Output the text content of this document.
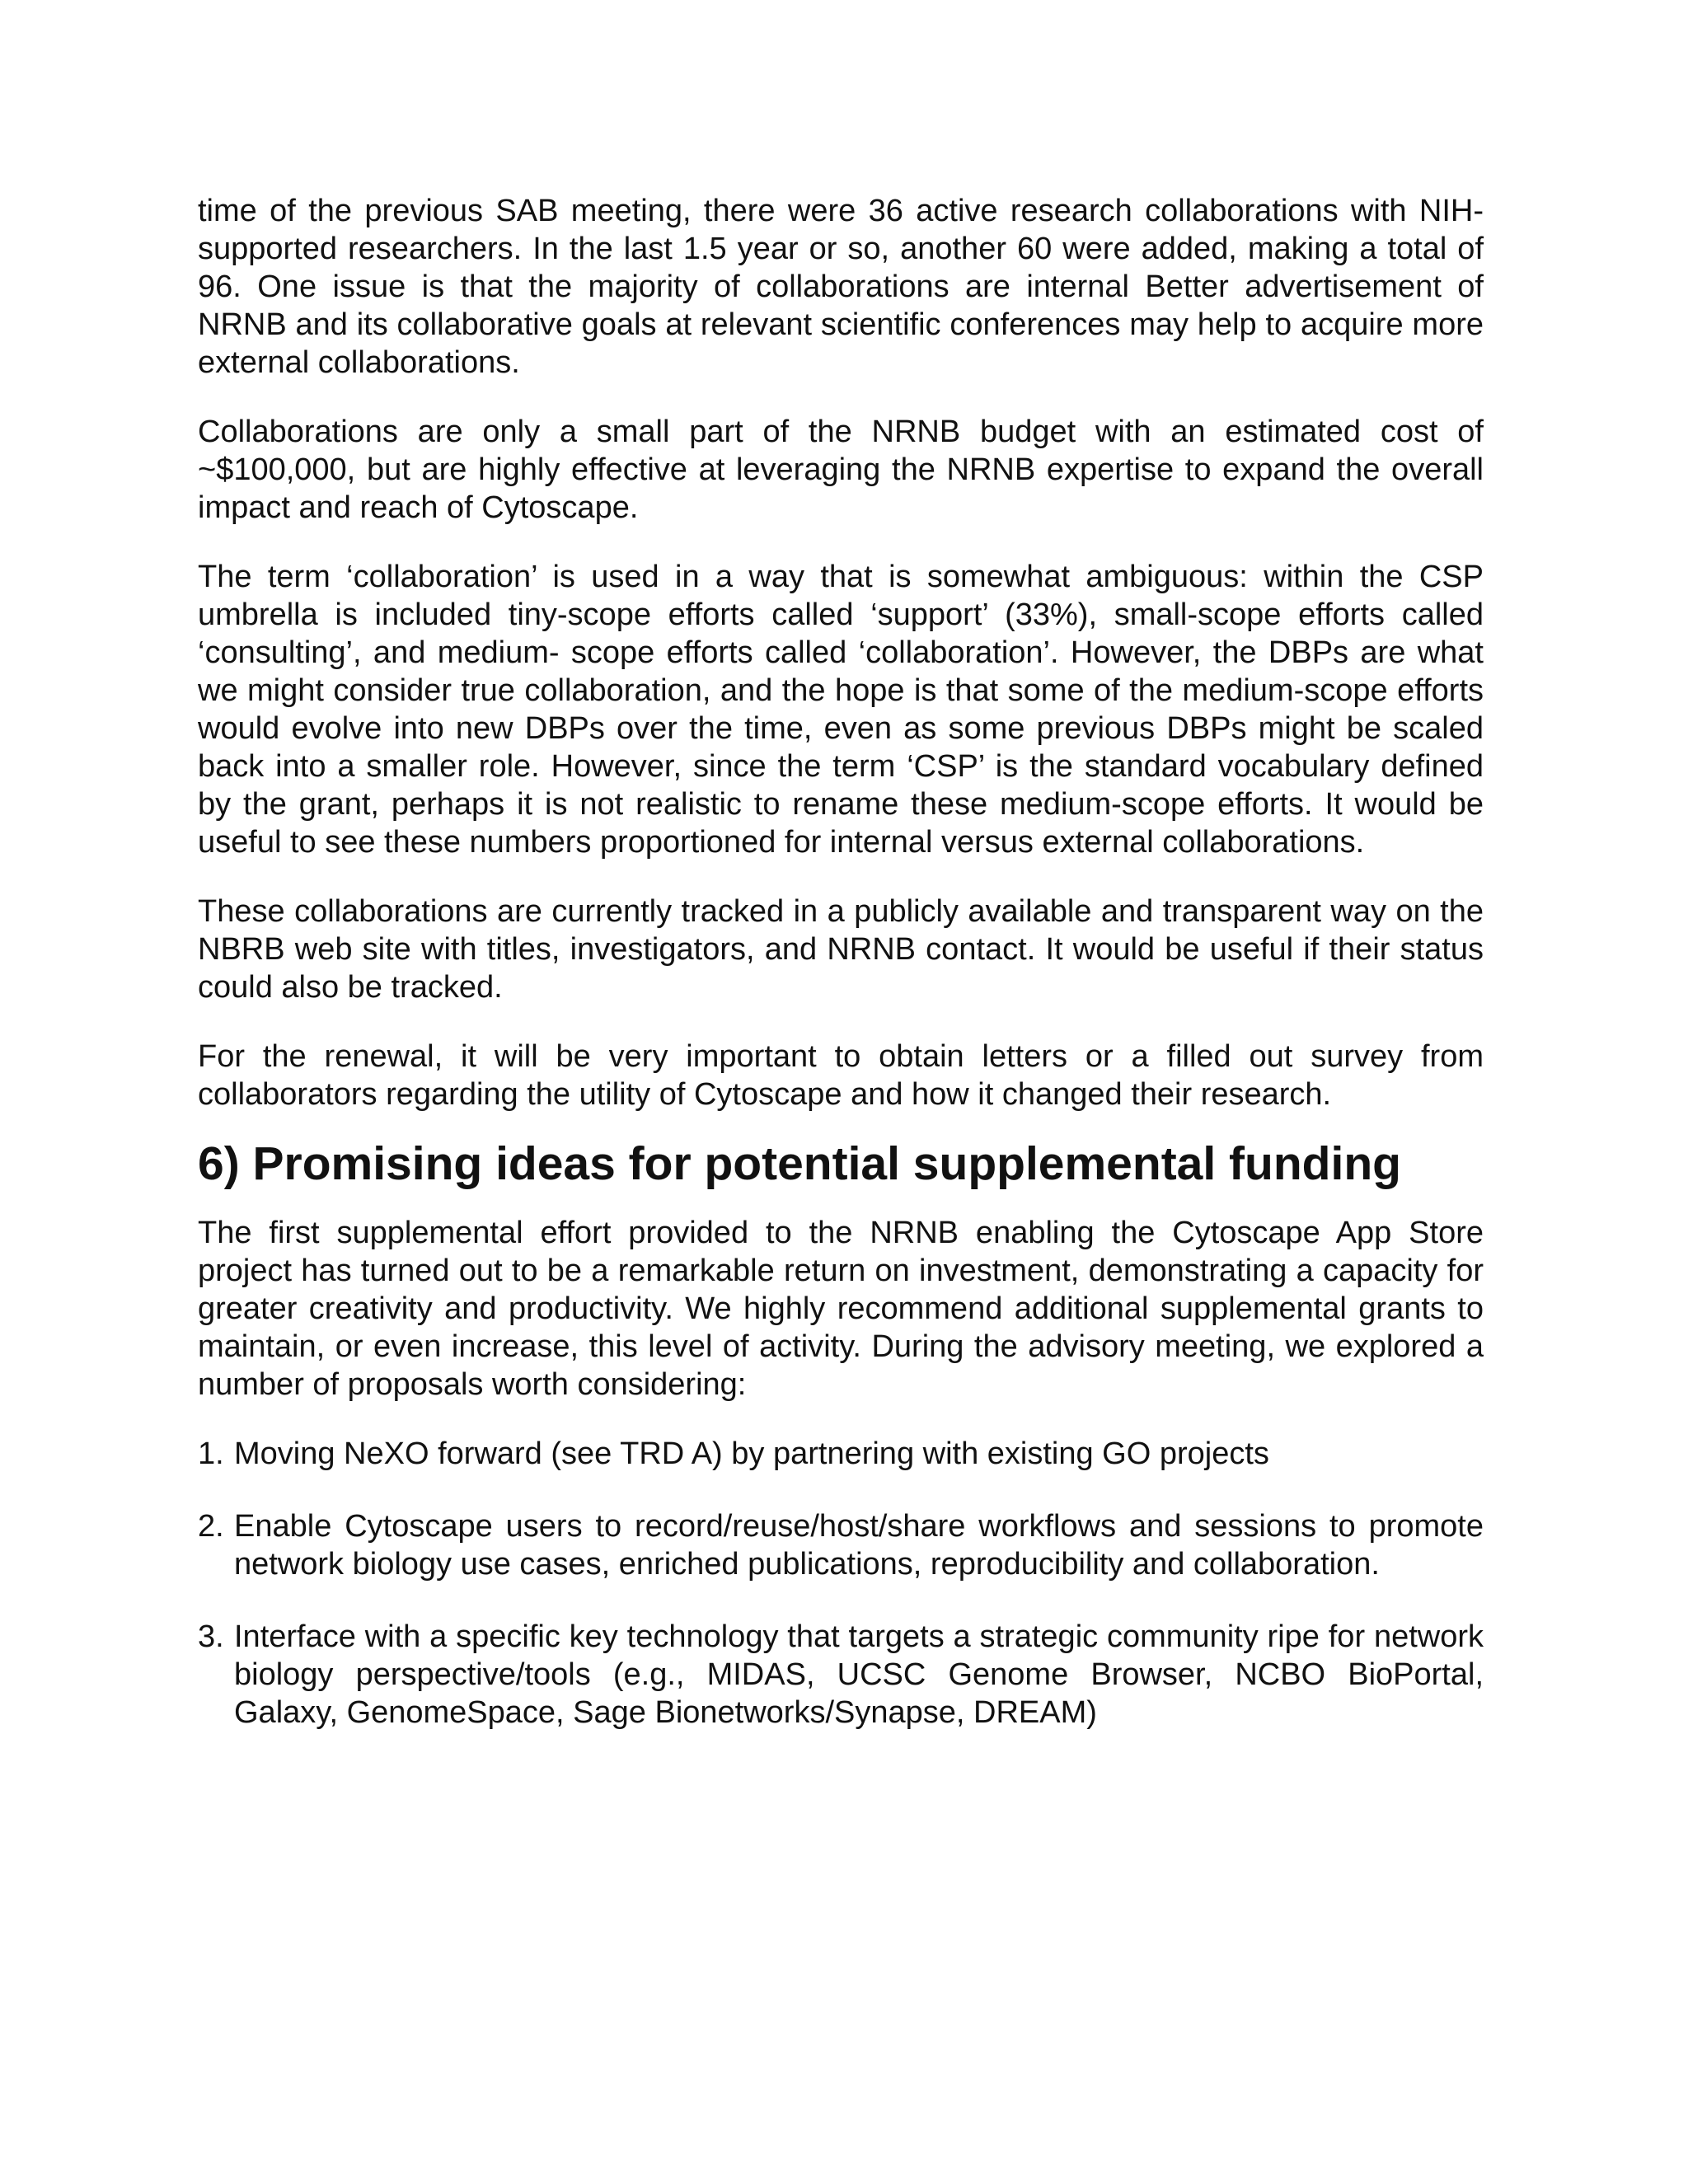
time of the previous SAB meeting, there were 36 active research collaborations with NIH-supported researchers. In the last 1.5 year or so, another 60 were added, making a total of 96. One issue is that the majority of collaborations are internal Better advertisement of NRNB and its collaborative goals at relevant scientific conferences may help to acquire more external collaborations.

Collaborations are only a small part of the NRNB budget with an estimated cost of ~$100,000, but are highly effective at leveraging the NRNB expertise to expand the overall impact and reach of Cytoscape.

The term ‘collaboration’ is used in a way that is somewhat ambiguous: within the CSP umbrella is included tiny-scope efforts called ‘support’ (33%), small-scope efforts called ‘consulting’, and medium- scope efforts called ‘collaboration’. However, the DBPs are what we might consider true collaboration, and the hope is that some of the medium-scope efforts would evolve into new DBPs over the time, even as some previous DBPs might be scaled back into a smaller role. However, since the term ‘CSP’ is the standard vocabulary defined by the grant, perhaps it is not realistic to rename these medium-scope efforts. It would be useful to see these numbers proportioned for internal versus external collaborations.

These collaborations are currently tracked in a publicly available and transparent way on the NBRB web site with titles, investigators, and NRNB contact. It would be useful if their status could also be tracked.

For the renewal, it will be very important to obtain letters or a filled out survey from collaborators regarding the utility of Cytoscape and how it changed their research.

6) Promising ideas for potential supplemental funding

The first supplemental effort provided to the NRNB enabling the Cytoscape App Store project has turned out to be a remarkable return on investment, demonstrating a capacity for greater creativity and productivity. We highly recommend additional supplemental grants to maintain, or even increase, this level of activity. During the advisory meeting, we explored a number of proposals worth considering:

1. Moving NeXO forward (see TRD A) by partnering with existing GO projects
2. Enable Cytoscape users to record/reuse/host/share workflows and sessions to promote network biology use cases, enriched publications, reproducibility and collaboration.
3. Interface with a specific key technology that targets a strategic community ripe for network biology perspective/tools (e.g., MIDAS, UCSC Genome Browser, NCBO BioPortal, Galaxy, GenomeSpace, Sage Bionetworks/Synapse, DREAM)
